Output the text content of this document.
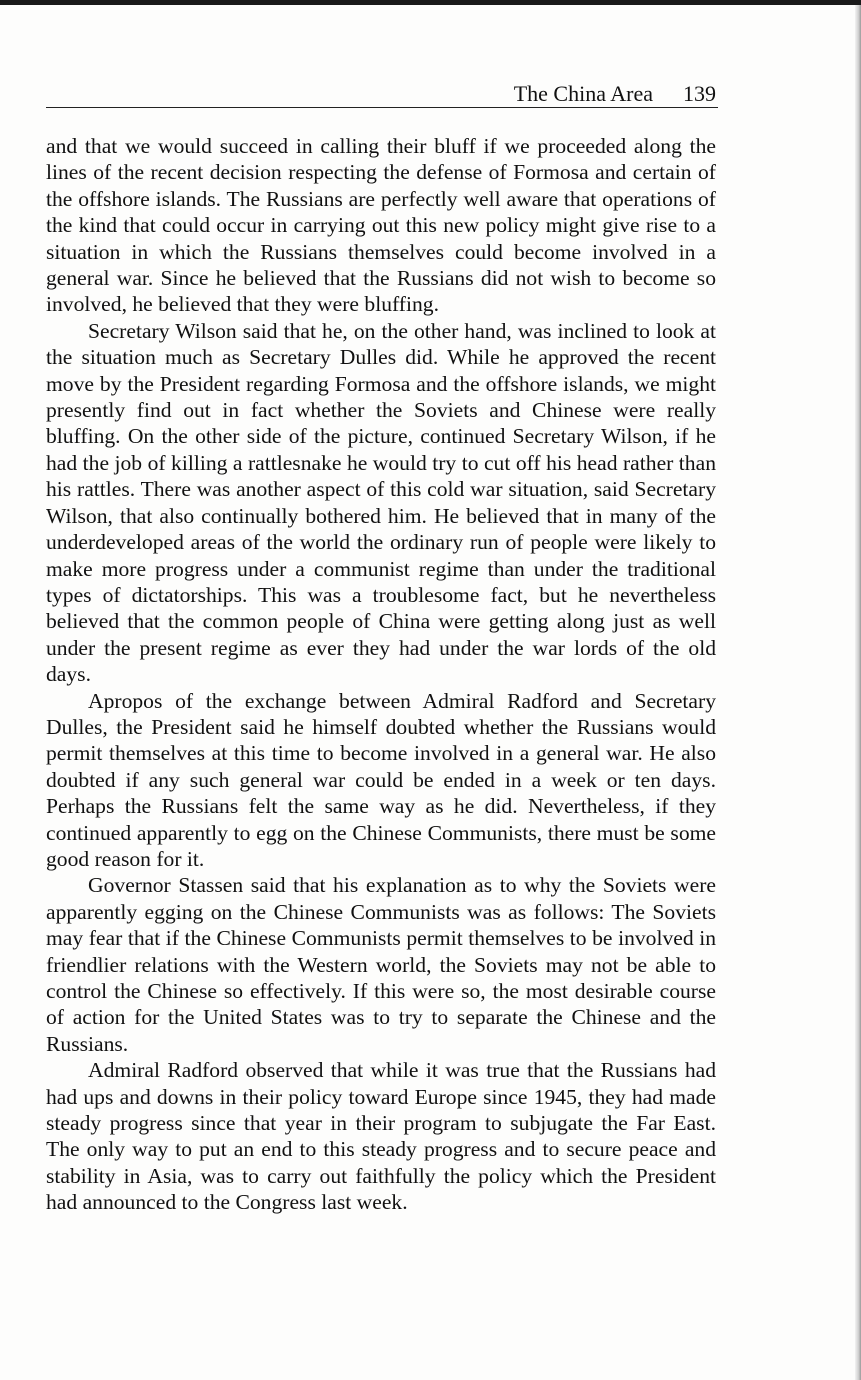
The China Area 139

and that we would succeed in calling their bluff if we proceeded along the lines of the recent decision respecting the defense of Formosa and certain of the offshore islands. The Russians are perfectly well aware that operations of the kind that could occur in carrying out this new policy might give rise to a situation in which the Russians themselves could become involved in a general war. Since he believed that the Russians did not wish to become so involved, he believed that they were bluffing.

Secretary Wilson said that he, on the other hand, was inclined to look at the situation much as Secretary Dulles did. While he approved the recent move by the President regarding Formosa and the offshore islands, we might presently find out in fact whether the Soviets and Chinese were really bluffing. On the other side of the picture, continued Secretary Wilson, if he had the job of killing a rattlesnake he would try to cut off his head rather than his rattles. There was another aspect of this cold war situation, said Secretary Wilson, that also continually bothered him. He believed that in many of the underdeveloped areas of the world the ordinary run of people were likely to make more progress under a communist regime than under the traditional types of dictatorships. This was a troublesome fact, but he nevertheless believed that the common people of China were getting along just as well under the present regime as ever they had under the war lords of the old days.

Apropos of the exchange between Admiral Radford and Secretary Dulles, the President said he himself doubted whether the Russians would permit themselves at this time to become involved in a general war. He also doubted if any such general war could be ended in a week or ten days. Perhaps the Russians felt the same way as he did. Nevertheless, if they continued apparently to egg on the Chinese Communists, there must be some good reason for it.

Governor Stassen said that his explanation as to why the Soviets were apparently egging on the Chinese Communists was as follows: The Soviets may fear that if the Chinese Communists permit themselves to be involved in friendlier relations with the Western world, the Soviets may not be able to control the Chinese so effectively. If this were so, the most desirable course of action for the United States was to try to separate the Chinese and the Russians.

Admiral Radford observed that while it was true that the Russians had had ups and downs in their policy toward Europe since 1945, they had made steady progress since that year in their program to subjugate the Far East. The only way to put an end to this steady progress and to secure peace and stability in Asia, was to carry out faithfully the policy which the President had announced to the Congress last week.
